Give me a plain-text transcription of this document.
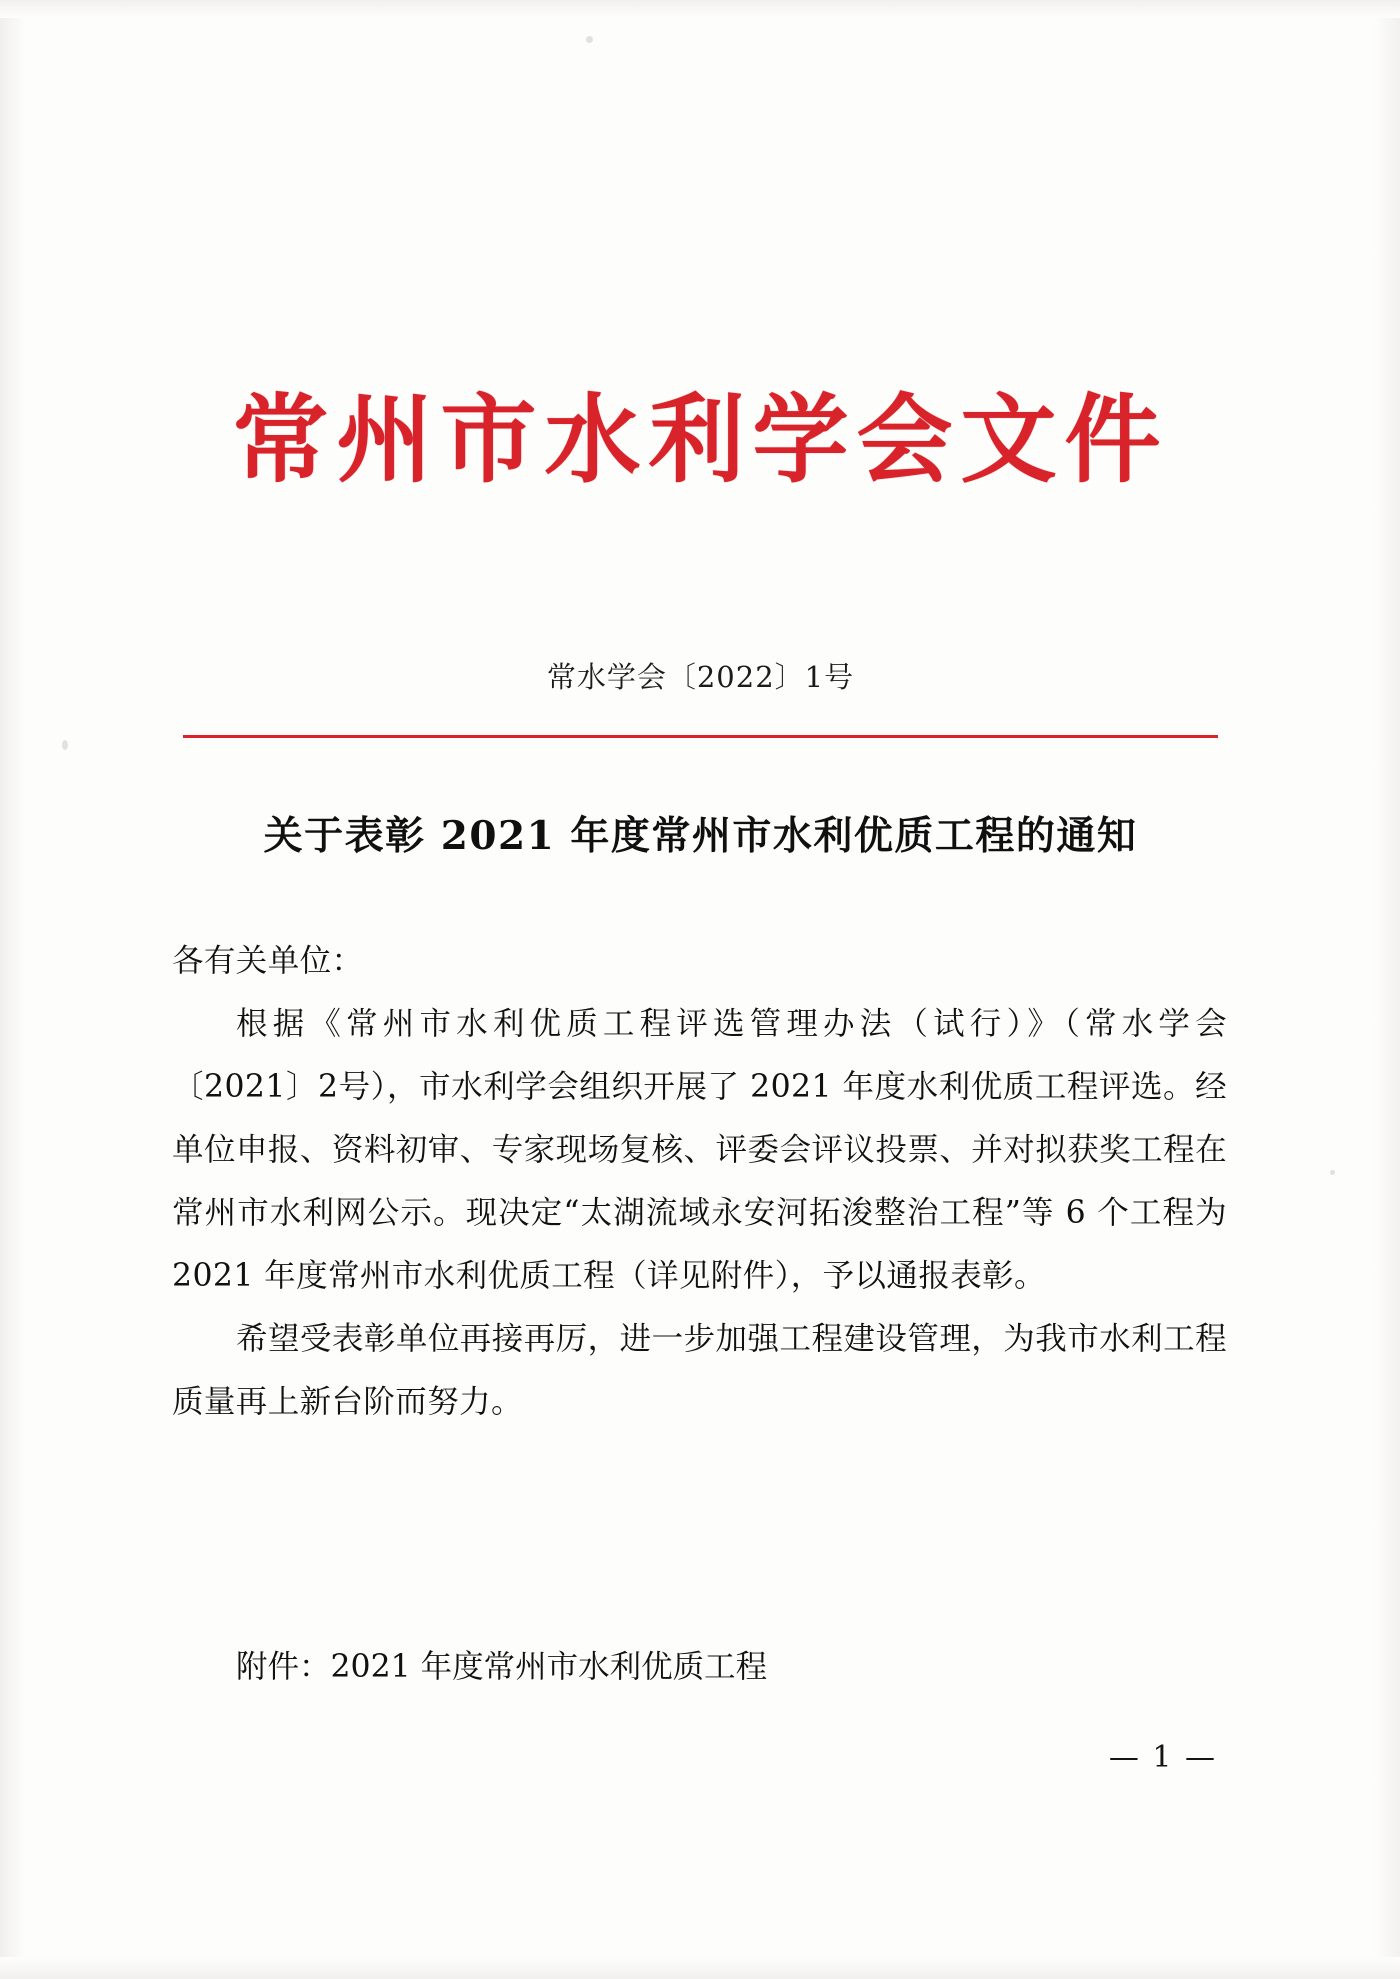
常州市水利学会文件
常水学会〔2022〕1号
关于表彰 2021 年度常州市水利优质工程的通知

各有关单位：

根据《常州市水利优质工程评选管理办法（试行）》（常水学会〔2021〕2号），市水利学会组织开展了 2021 年度水利优质工程评选。经单位申报、资料初审、专家现场复核、评委会评议投票、并对拟获奖工程在常州市水利网公示。现决定“太湖流域永安河拓浚整治工程”等 6 个工程为 2021 年度常州市水利优质工程（详见附件），予以通报表彰。

希望受表彰单位再接再厉，进一步加强工程建设管理，为我市水利工程质量再上新台阶而努力。

附件：2021 年度常州市水利优质工程
— 1 —
